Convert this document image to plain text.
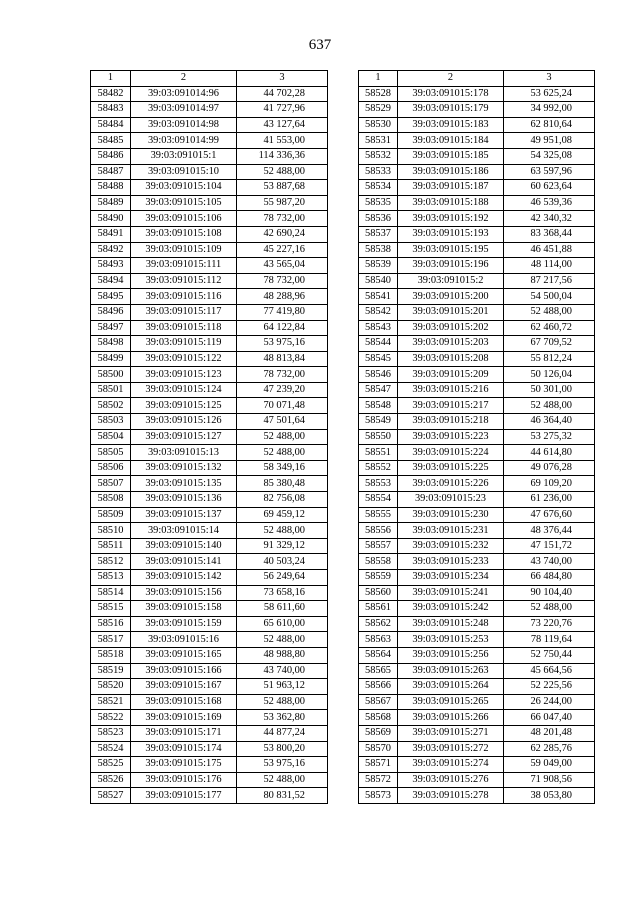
637
1	2	3
58482	39:03:091014:96	44 702,28
58483	39:03:091014:97	41 727,96
58484	39:03:091014:98	43 127,64
58485	39:03:091014:99	41 553,00
58486	39:03:091015:1	114 336,36
58487	39:03:091015:10	52 488,00
58488	39:03:091015:104	53 887,68
58489	39:03:091015:105	55 987,20
58490	39:03:091015:106	78 732,00
58491	39:03:091015:108	42 690,24
58492	39:03:091015:109	45 227,16
58493	39:03:091015:111	43 565,04
58494	39:03:091015:112	78 732,00
58495	39:03:091015:116	48 288,96
58496	39:03:091015:117	77 419,80
58497	39:03:091015:118	64 122,84
58498	39:03:091015:119	53 975,16
58499	39:03:091015:122	48 813,84
58500	39:03:091015:123	78 732,00
58501	39:03:091015:124	47 239,20
58502	39:03:091015:125	70 071,48
58503	39:03:091015:126	47 501,64
58504	39:03:091015:127	52 488,00
58505	39:03:091015:13	52 488,00
58506	39:03:091015:132	58 349,16
58507	39:03:091015:135	85 380,48
58508	39:03:091015:136	82 756,08
58509	39:03:091015:137	69 459,12
58510	39:03:091015:14	52 488,00
58511	39:03:091015:140	91 329,12
58512	39:03:091015:141	40 503,24
58513	39:03:091015:142	56 249,64
58514	39:03:091015:156	73 658,16
58515	39:03:091015:158	58 611,60
58516	39:03:091015:159	65 610,00
58517	39:03:091015:16	52 488,00
58518	39:03:091015:165	48 988,80
58519	39:03:091015:166	43 740,00
58520	39:03:091015:167	51 963,12
58521	39:03:091015:168	52 488,00
58522	39:03:091015:169	53 362,80
58523	39:03:091015:171	44 877,24
58524	39:03:091015:174	53 800,20
58525	39:03:091015:175	53 975,16
58526	39:03:091015:176	52 488,00
58527	39:03:091015:177	80 831,52
1	2	3
58528	39:03:091015:178	53 625,24
58529	39:03:091015:179	34 992,00
58530	39:03:091015:183	62 810,64
58531	39:03:091015:184	49 951,08
58532	39:03:091015:185	54 325,08
58533	39:03:091015:186	63 597,96
58534	39:03:091015:187	60 623,64
58535	39:03:091015:188	46 539,36
58536	39:03:091015:192	42 340,32
58537	39:03:091015:193	83 368,44
58538	39:03:091015:195	46 451,88
58539	39:03:091015:196	48 114,00
58540	39:03:091015:2	87 217,56
58541	39:03:091015:200	54 500,04
58542	39:03:091015:201	52 488,00
58543	39:03:091015:202	62 460,72
58544	39:03:091015:203	67 709,52
58545	39:03:091015:208	55 812,24
58546	39:03:091015:209	50 126,04
58547	39:03:091015:216	50 301,00
58548	39:03:091015:217	52 488,00
58549	39:03:091015:218	46 364,40
58550	39:03:091015:223	53 275,32
58551	39:03:091015:224	44 614,80
58552	39:03:091015:225	49 076,28
58553	39:03:091015:226	69 109,20
58554	39:03:091015:23	61 236,00
58555	39:03:091015:230	47 676,60
58556	39:03:091015:231	48 376,44
58557	39:03:091015:232	47 151,72
58558	39:03:091015:233	43 740,00
58559	39:03:091015:234	66 484,80
58560	39:03:091015:241	90 104,40
58561	39:03:091015:242	52 488,00
58562	39:03:091015:248	73 220,76
58563	39:03:091015:253	78 119,64
58564	39:03:091015:256	52 750,44
58565	39:03:091015:263	45 664,56
58566	39:03:091015:264	52 225,56
58567	39:03:091015:265	26 244,00
58568	39:03:091015:266	66 047,40
58569	39:03:091015:271	48 201,48
58570	39:03:091015:272	62 285,76
58571	39:03:091015:274	59 049,00
58572	39:03:091015:276	71 908,56
58573	39:03:091015:278	38 053,80
